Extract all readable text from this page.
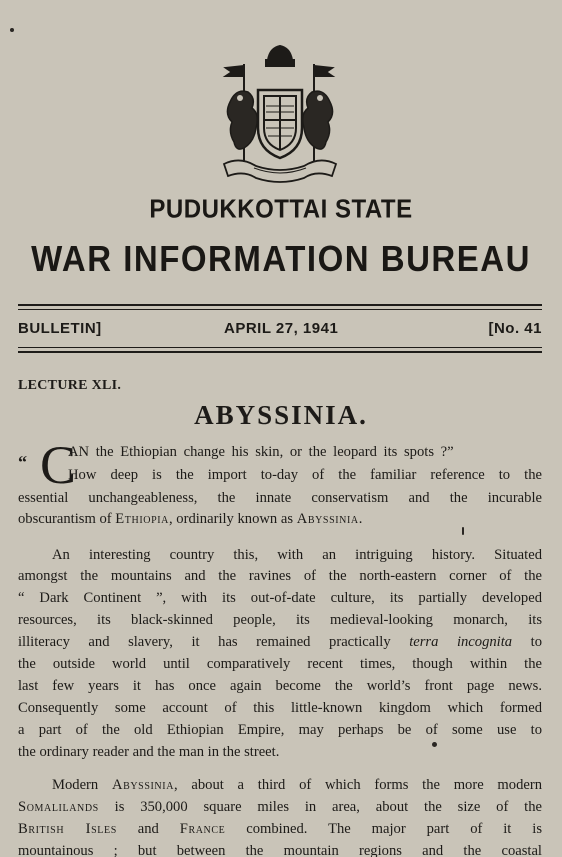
PUDUKKOTTAI STATE
WAR INFORMATION BUREAU
BULLETIN]	APRIL 27, 1941	[No. 41
LECTURE XLI.
ABYSSINIA.
“ C
AN the Ethiopian change his skin, or the leopard its spots ?”
How deep is the import to-day of the familiar reference to the
essential unchangeableness, the innate conservatism and the incurable
obscurantism of Ethiopia, ordinarily known as Abyssinia.
An interesting country this, with an intriguing history. Situated
amongst the mountains and the ravines of the north-eastern corner of the
“ Dark Continent ”, with its out-of-date culture, its partially developed
resources, its black-skinned people, its medieval-looking monarch, its
illiteracy and slavery, it has remained practically terra incognita to
the outside world until comparatively recent times, though within the
last few years it has once again become the world’s front page news.
Consequently some account of this little-known kingdom which formed
a part of the old Ethiopian Empire, may perhaps be of some use to
the ordinary reader and the man in the street.
Modern Abyssinia, about a third of which forms the more modern
Somalilands is 350,000 square miles in area, about the size of the
British Isles and France combined. The major part of it is
mountainous ; but between the mountain regions and the coastal
